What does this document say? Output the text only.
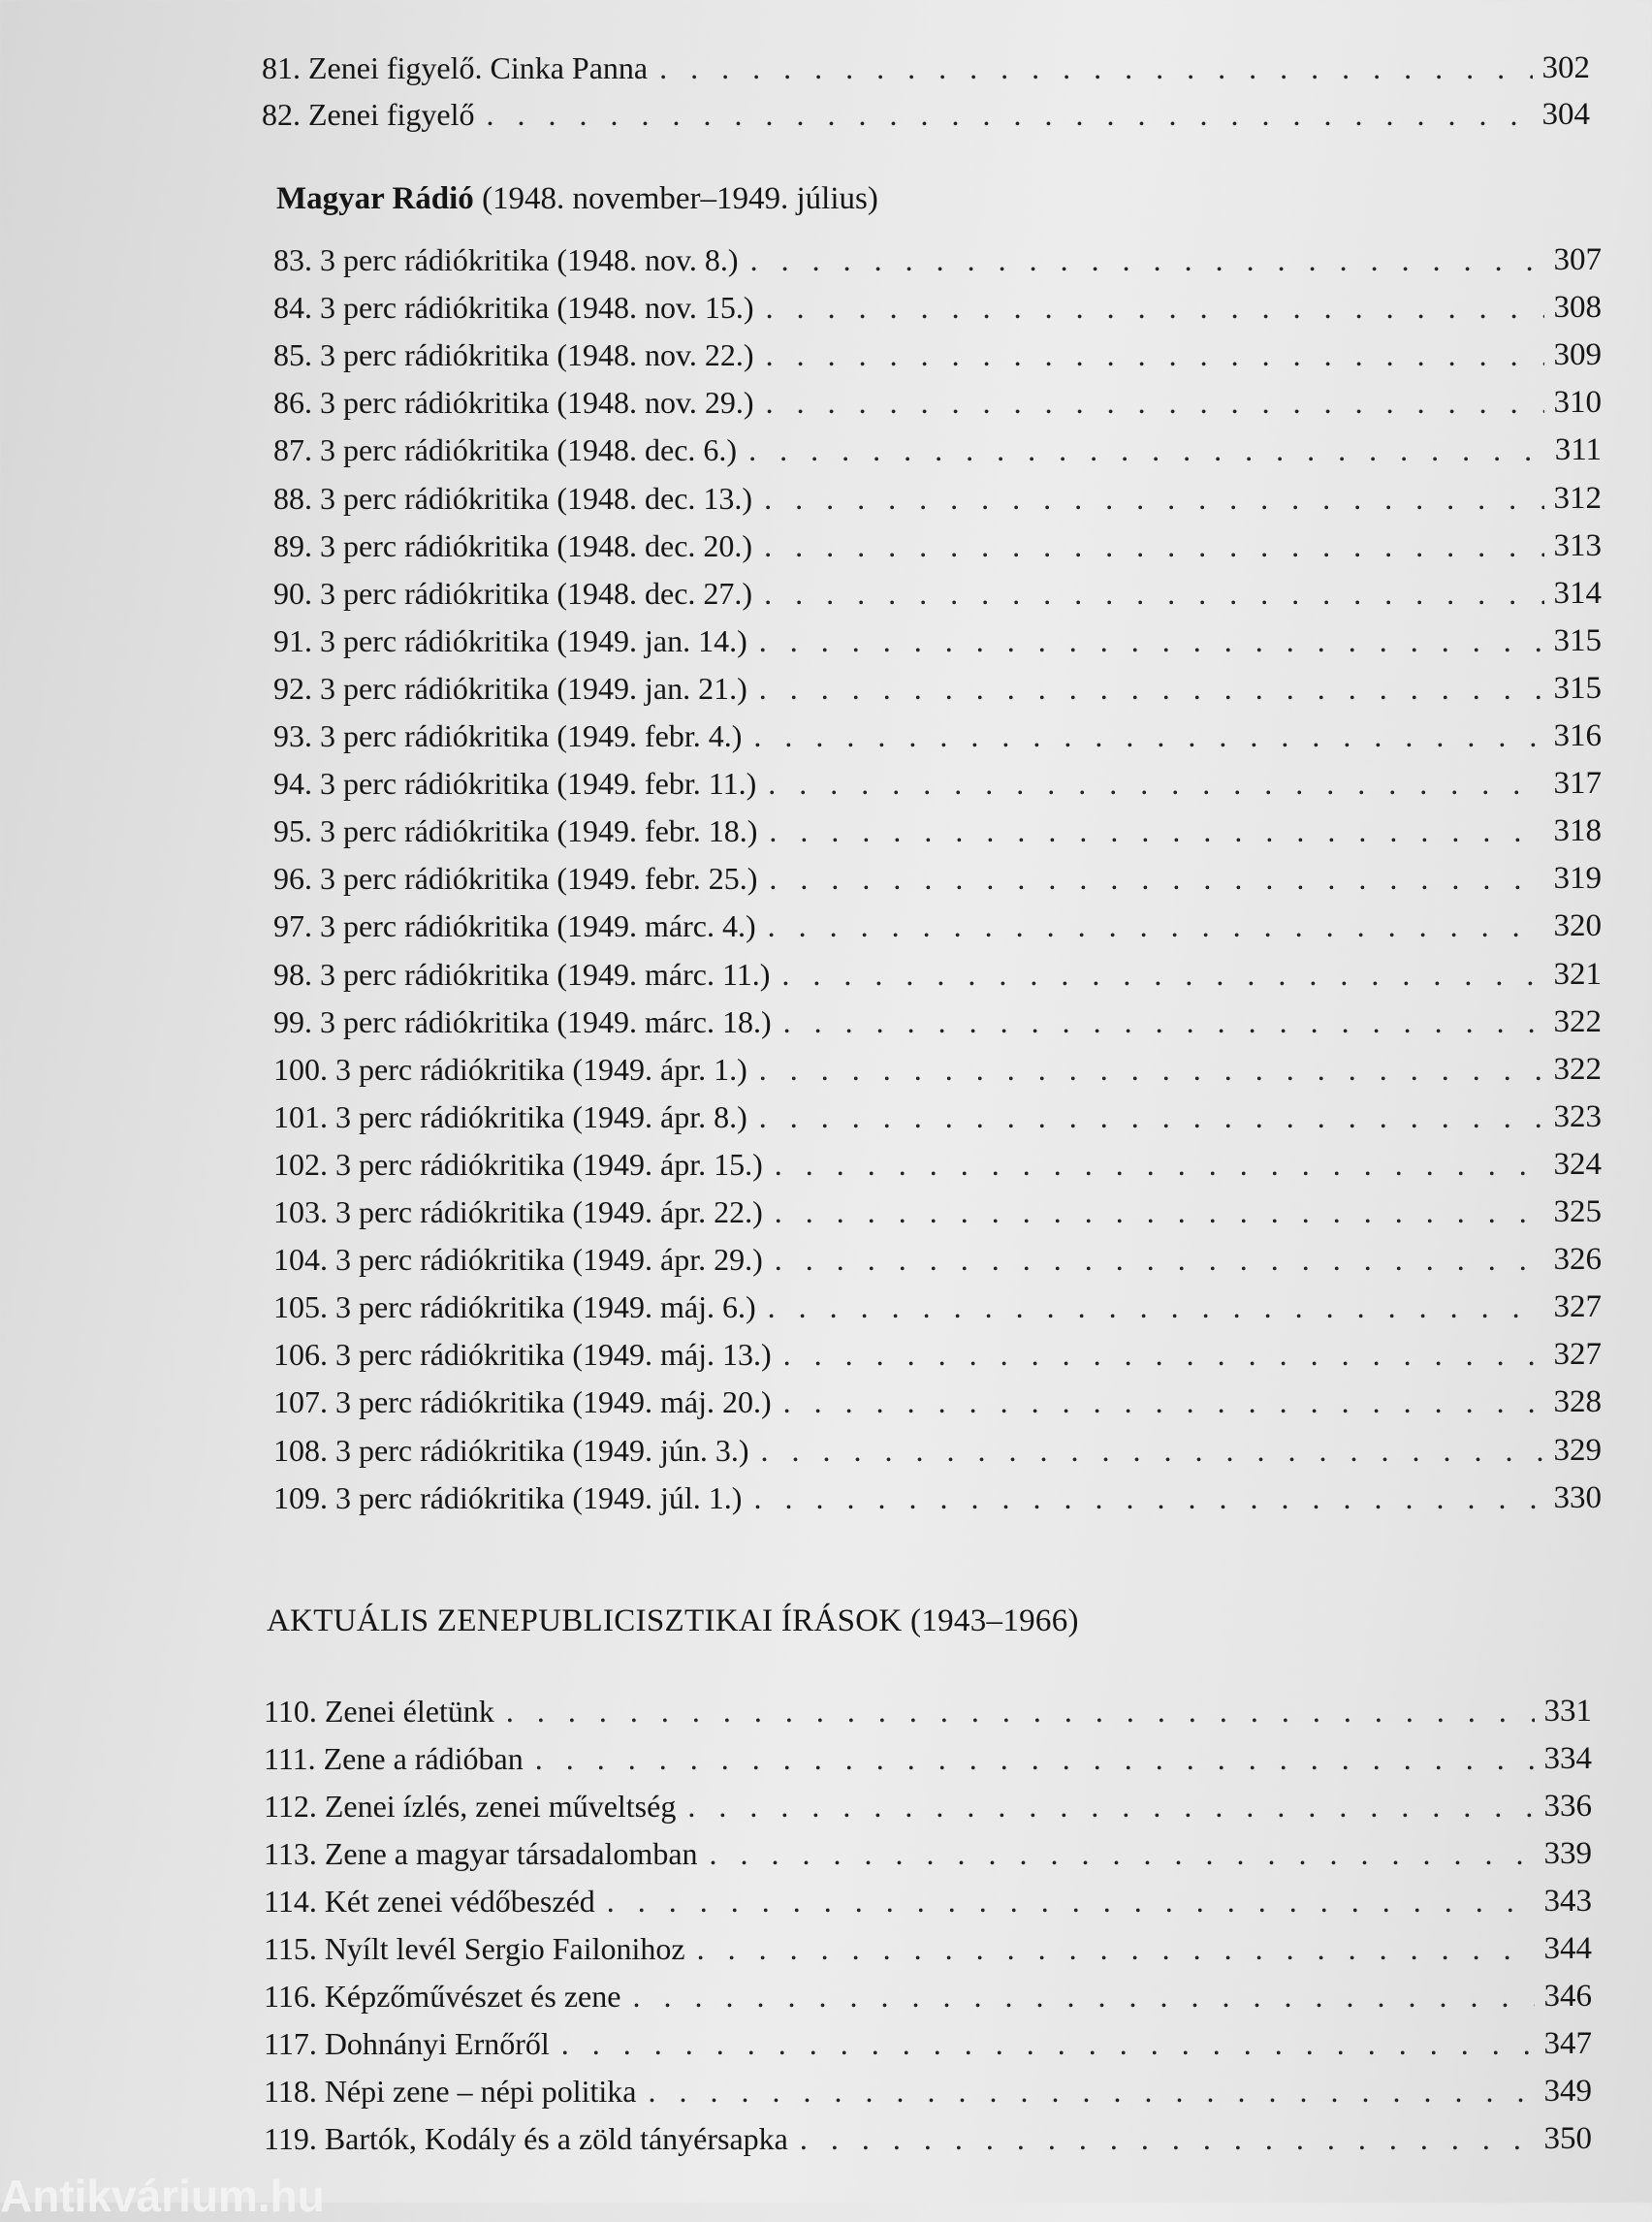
81. Zenei figyelő. Cinka Panna . . .	302
82. Zenei figyelő . . .	304
Magyar Rádió (1948. november–1949. július)
83. 3 perc rádiókritika (1948. nov. 8.) . . .	307
84. 3 perc rádiókritika (1948. nov. 15.) . . .	308
85. 3 perc rádiókritika (1948. nov. 22.) . . .	309
86. 3 perc rádiókritika (1948. nov. 29.) . . .	310
87. 3 perc rádiókritika (1948. dec. 6.) . . .	311
88. 3 perc rádiókritika (1948. dec. 13.) . . .	312
89. 3 perc rádiókritika (1948. dec. 20.) . . .	313
90. 3 perc rádiókritika (1948. dec. 27.) . . .	314
91. 3 perc rádiókritika (1949. jan. 14.) . . .	315
92. 3 perc rádiókritika (1949. jan. 21.) . . .	315
93. 3 perc rádiókritika (1949. febr. 4.) . . .	316
94. 3 perc rádiókritika (1949. febr. 11.) . . .	317
95. 3 perc rádiókritika (1949. febr. 18.) . . .	318
96. 3 perc rádiókritika (1949. febr. 25.) . . .	319
97. 3 perc rádiókritika (1949. márc. 4.) . . .	320
98. 3 perc rádiókritika (1949. márc. 11.) . . .	321
99. 3 perc rádiókritika (1949. márc. 18.) . . .	322
100. 3 perc rádiókritika (1949. ápr. 1.) . . .	322
101. 3 perc rádiókritika (1949. ápr. 8.) . . .	323
102. 3 perc rádiókritika (1949. ápr. 15.) . . .	324
103. 3 perc rádiókritika (1949. ápr. 22.) . . .	325
104. 3 perc rádiókritika (1949. ápr. 29.) . . .	326
105. 3 perc rádiókritika (1949. máj. 6.) . . .	327
106. 3 perc rádiókritika (1949. máj. 13.) . . .	327
107. 3 perc rádiókritika (1949. máj. 20.) . . .	328
108. 3 perc rádiókritika (1949. jún. 3.) . . .	329
109. 3 perc rádiókritika (1949. júl. 1.) . . .	330
AKTUÁLIS ZENEPUBLICISZTIKAI ÍRÁSOK (1943–1966)
110. Zenei életünk . . .	331
111. Zene a rádióban . . .	334
112. Zenei ízlés, zenei műveltség . . .	336
113. Zene a magyar társadalomban . . .	339
114. Két zenei védőbeszéd . . .	343
115. Nyílt levél Sergio Failonihoz . . .	344
116. Képzőművészet és zene . . .	346
117. Dohnányi Ernőről . . .	347
118. Népi zene – népi politika . . .	349
119. Bartók, Kodály és a zöld tányérsapka . . .	350
Antikvárium.hu
